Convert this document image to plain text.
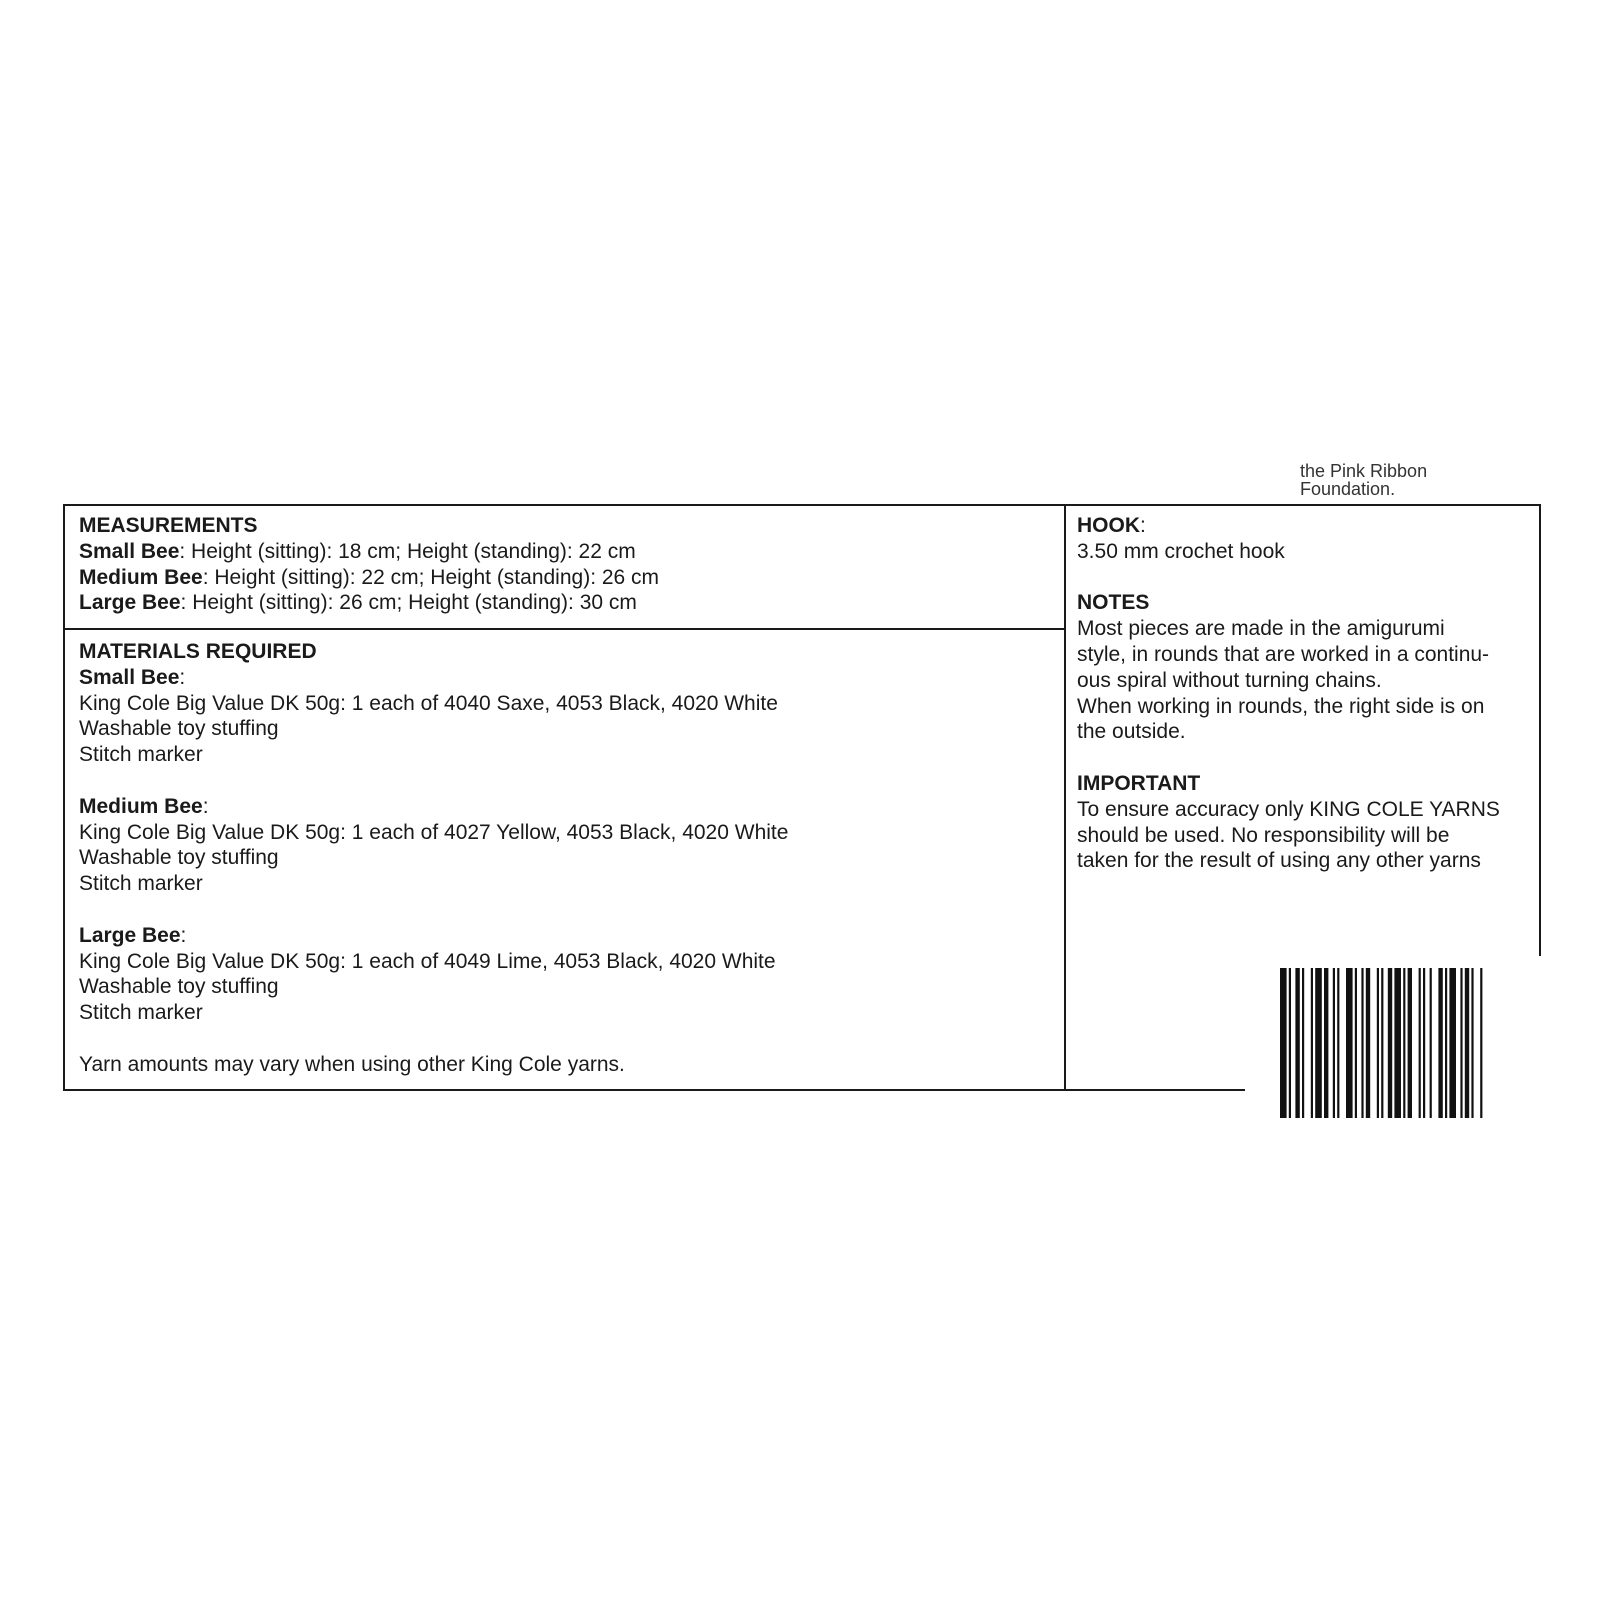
the Pink Ribbon Foundation.

MEASUREMENTS

Small Bee: Height (sitting): 18 cm; Height (standing): 22 cm

Medium Bee: Height (sitting): 22 cm; Height (standing): 26 cm

Large Bee: Height (sitting): 26 cm; Height (standing): 30 cm

MATERIALS REQUIRED

Small Bee:

King Cole Big Value DK 50g: 1 each of 4040 Saxe, 4053 Black, 4020 White

Washable toy stuffing

Stitch marker

Medium Bee:

King Cole Big Value DK 50g: 1 each of 4027 Yellow, 4053 Black, 4020 White

Washable toy stuffing

Stitch marker

Large Bee:

King Cole Big Value DK 50g: 1 each of 4049 Lime, 4053 Black, 4020 White

Washable toy stuffing

Stitch marker

Yarn amounts may vary when using other King Cole yarns.

HOOK:

3.50 mm crochet hook

NOTES

Most pieces are made in the amigurumi

style, in rounds that are worked in a continu-

ous spiral without turning chains.

When working in rounds, the right side is on

the outside.

IMPORTANT

To ensure accuracy only KING COLE YARNS

should be used. No responsibility will be

taken for the result of using any other yarns
